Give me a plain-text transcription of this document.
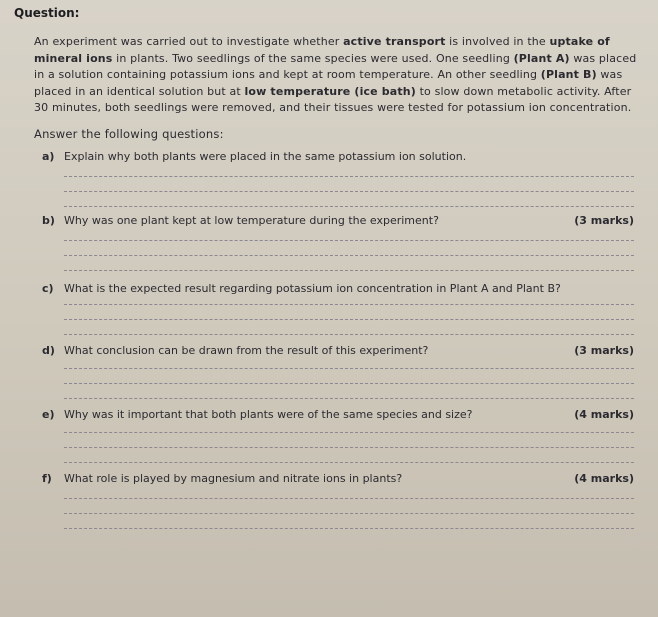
Question:
An experiment was carried out to investigate whether active transport is involved in the uptake of mineral ions in plants. Two seedlings of the same species were used. One seedling (Plant A) was placed in a solution containing potassium ions and kept at room temperature. An other seedling (Plant B) was placed in an identical solution but at low temperature (ice bath) to slow down metabolic activity. After 30 minutes, both seedlings were removed, and their tissues were tested for potassium ion concentration.
Answer the following questions:
a) Explain why both plants were placed in the same potassium ion solution.
b) Why was one plant kept at low temperature during the experiment?	(3 marks)
c) What is the expected result regarding potassium ion concentration in Plant A and Plant B?
d) What conclusion can be drawn from the result of this experiment?	(3 marks)
e) Why was it important that both plants were of the same species and size?	(4 marks)
f)	What role is played by magnesium and nitrate ions in plants?	(4 marks)
